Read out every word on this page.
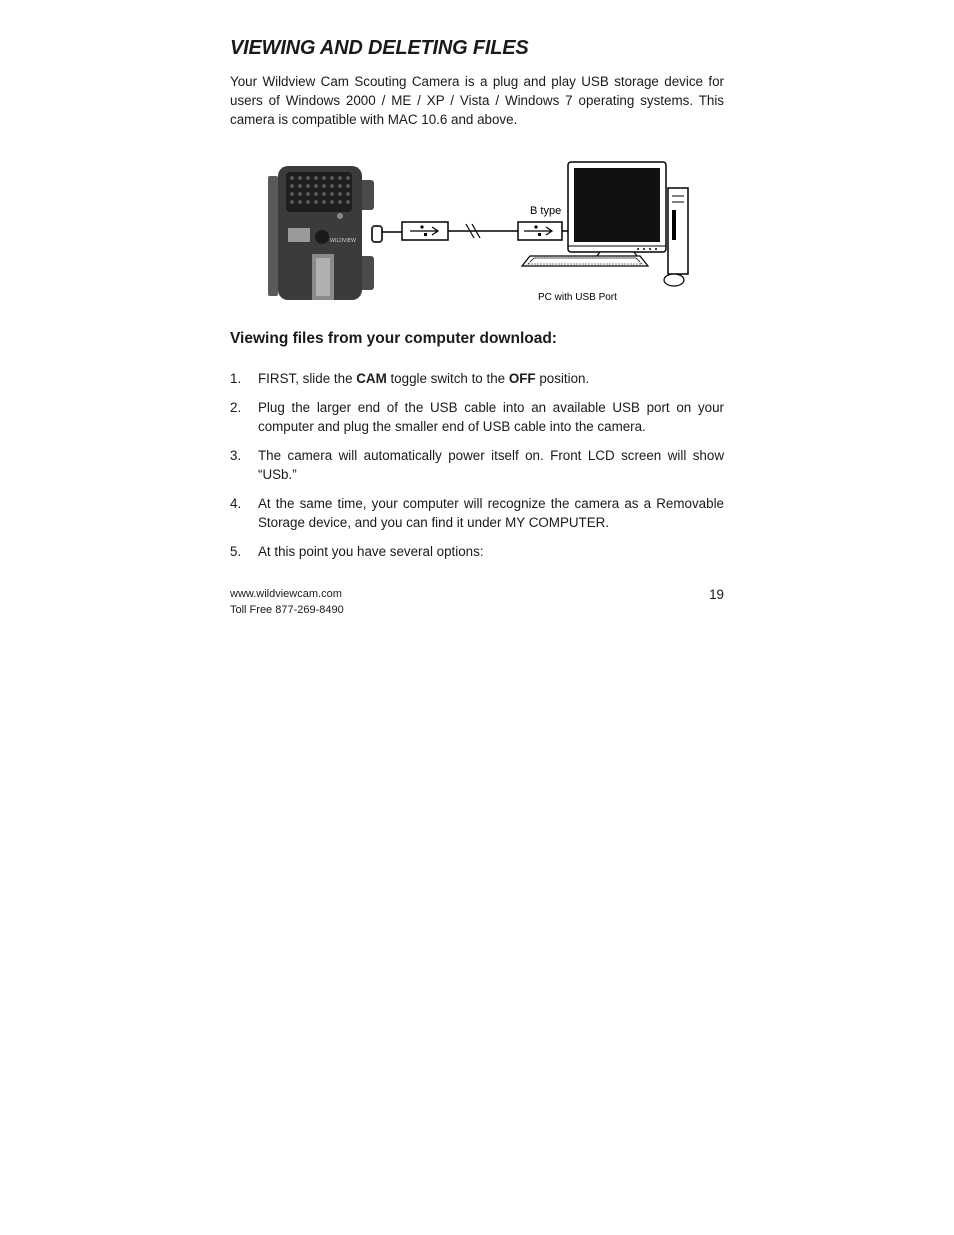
VIEWING AND DELETING FILES

Your Wildview Cam Scouting Camera is a plug and play USB storage device for users of Windows 2000 / ME / XP / Vista / Windows 7 operating systems. This camera is compatible with MAC 10.6 and above.

WILDVIEW
B type
PC with USB Port
Viewing files from your computer download:
1. FIRST, slide the CAM toggle switch to the OFF position.
2. Plug the larger end of the USB cable into an available USB port on your computer and plug the smaller end of USB cable into the camera.
3. The camera will automatically power itself on. Front LCD screen will show “USb.”
4. At the same time, your computer will recognize the camera as a Removable Storage device, and you can find it under MY COMPUTER.
5. At this point you have several options:
www.wildviewcam.com
Toll Free 877-269-8490
19
